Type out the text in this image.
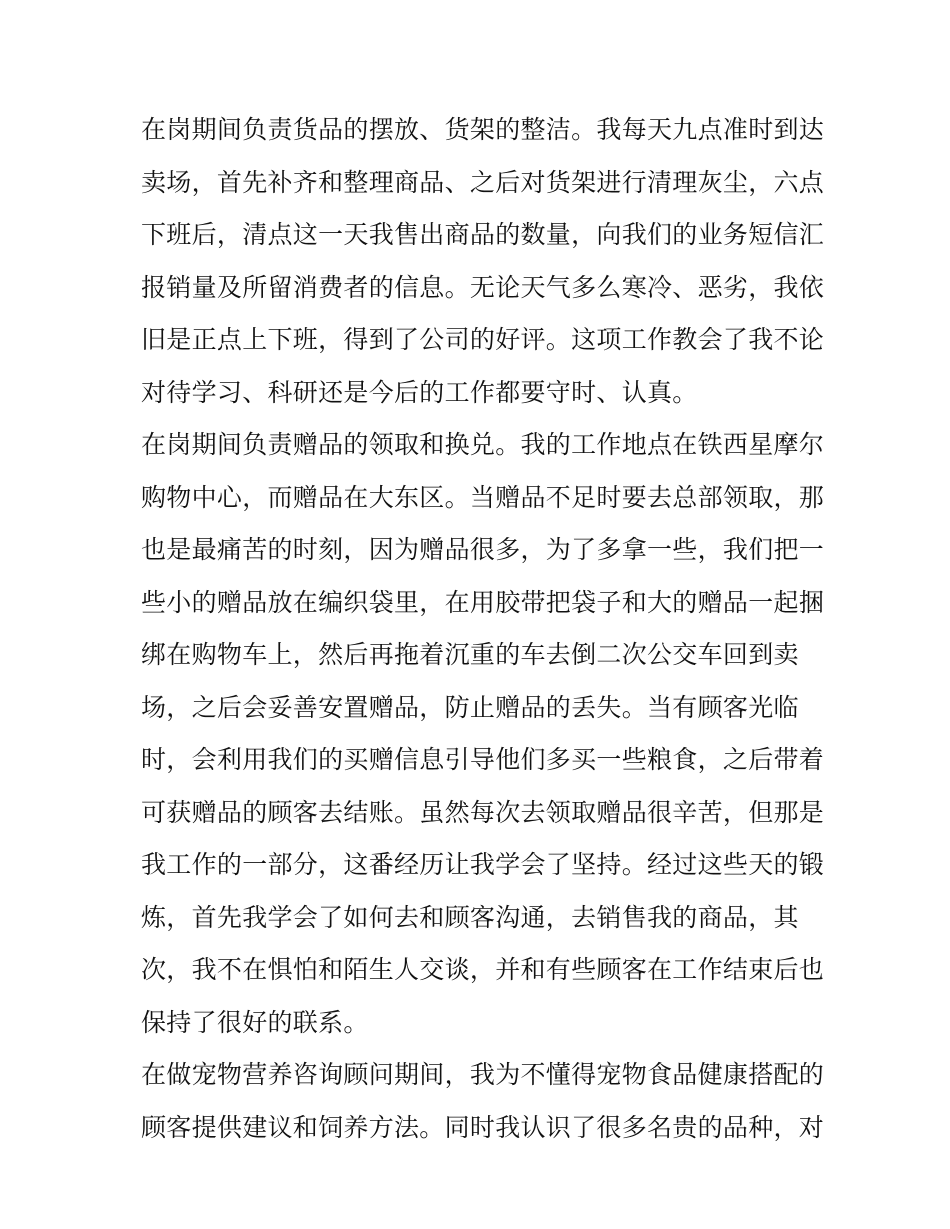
在岗期间负责货品的摆放、货架的整洁。我每天九点准时到达
卖场，首先补齐和整理商品、之后对货架进行清理灰尘，六点
下班后，清点这一天我售出商品的数量，向我们的业务短信汇
报销量及所留消费者的信息。无论天气多么寒冷、恶劣，我依
旧是正点上下班，得到了公司的好评。这项工作教会了我不论
对待学习、科研还是今后的工作都要守时、认真。
在岗期间负责赠品的领取和换兑。我的工作地点在铁西星摩尔
购物中心，而赠品在大东区。当赠品不足时要去总部领取，那
也是最痛苦的时刻，因为赠品很多，为了多拿一些，我们把一
些小的赠品放在编织袋里，在用胶带把袋子和大的赠品一起捆
绑在购物车上，然后再拖着沉重的车去倒二次公交车回到卖
场，之后会妥善安置赠品，防止赠品的丢失。当有顾客光临
时，会利用我们的买赠信息引导他们多买一些粮食，之后带着
可获赠品的顾客去结账。虽然每次去领取赠品很辛苦，但那是
我工作的一部分，这番经历让我学会了坚持。经过这些天的锻
炼，首先我学会了如何去和顾客沟通，去销售我的商品，其
次，我不在惧怕和陌生人交谈，并和有些顾客在工作结束后也
保持了很好的联系。
在做宠物营养咨询顾问期间，我为不懂得宠物食品健康搭配的
顾客提供建议和饲养方法。同时我认识了很多名贵的品种，对
